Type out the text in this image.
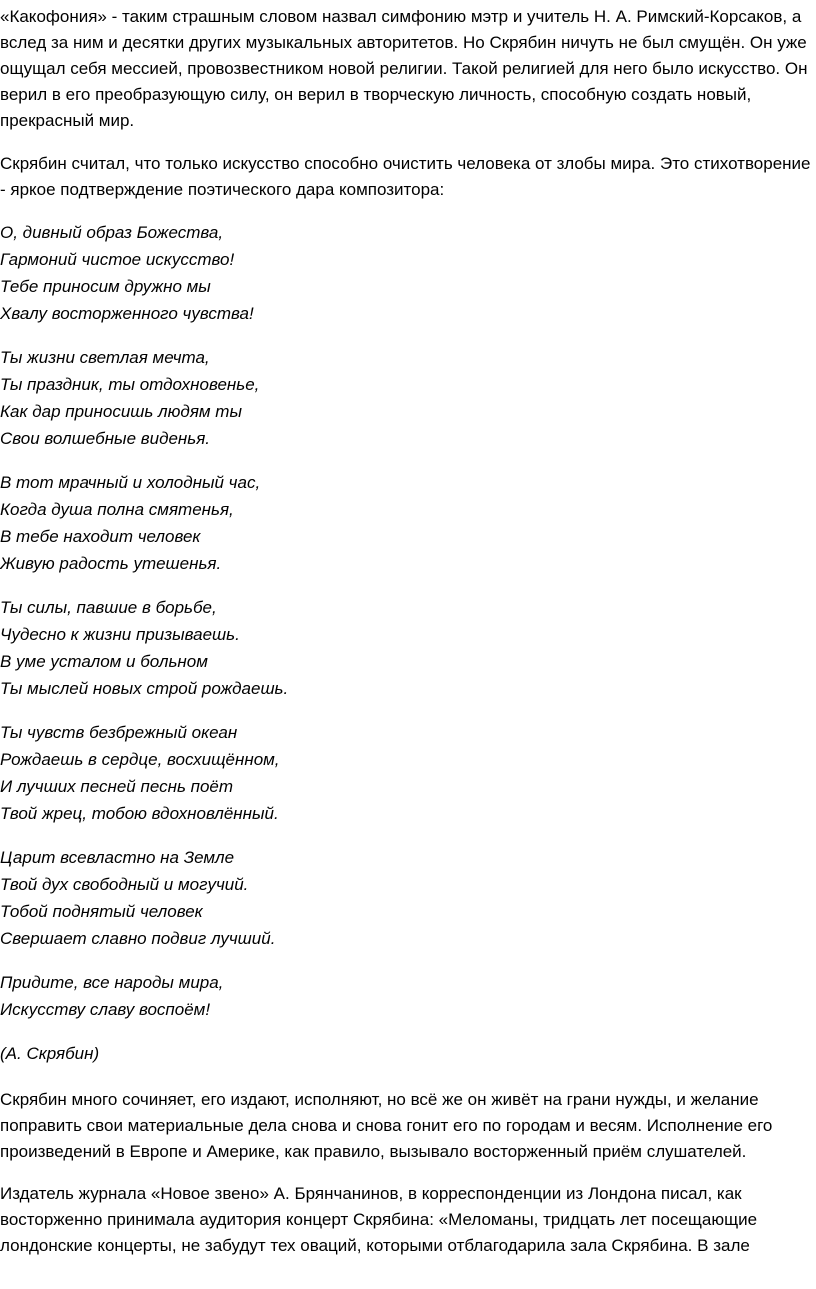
«Какофония» - таким страшным словом назвал симфонию мэтр и учитель Н. А. Римский-Корсаков, а вслед за ним и десятки других музыкальных авторитетов. Но Скрябин ничуть не был смущён. Он уже ощущал себя мессией, провозвестником новой религии. Такой религией для него было искусство. Он верил в его преобразующую силу, он верил в творческую личность, способную создать новый, прекрасный мир.

Скрябин считал, что только искусство способно очистить человека от злобы мира. Это стихотворение - яркое подтверждение поэтического дара композитора:

О, дивный образ Божества,
Гармоний чистое искусство!
Тебе приносим дружно мы
Хвалу восторженного чувства!
Ты жизни светлая мечта,
Ты праздник, ты отдохновенье,
Как дар приносишь людям ты
Свои волшебные виденья.
В тот мрачный и холодный час,
Когда душа полна смятенья,
В тебе находит человек
Живую радость утешенья.
Ты силы, павшие в борьбе,
Чудесно к жизни призываешь.
В уме усталом и больном
Ты мыслей новых строй рождаешь.
Ты чувств безбрежный океан
Рождаешь в сердце, восхищённом,
И лучших песней песнь поёт
Твой жрец, тобою вдохновлённый.
Царит всевластно на Земле
Твой дух свободный и могучий.
Тобой поднятый человек
Свершает славно подвиг лучший.
Придите, все народы мира,
Искусству славу воспоём!

(А. Скрябин)

Скрябин много сочиняет, его издают, исполняют, но всё же он живёт на грани нужды, и желание поправить свои материальные дела снова и снова гонит его по городам и весям. Исполнение его произведений в Европе и Америке, как правило, вызывало восторженный приём слушателей.

Издатель журнала «Новое звено» А. Брянчанинов, в корреспонденции из Лондона писал, как восторженно принимала аудитория концерт Скрябина: «Меломаны, тридцать лет посещающие лондонские концерты, не забудут тех оваций, которыми отблагодарила зала Скрябина. В зале
